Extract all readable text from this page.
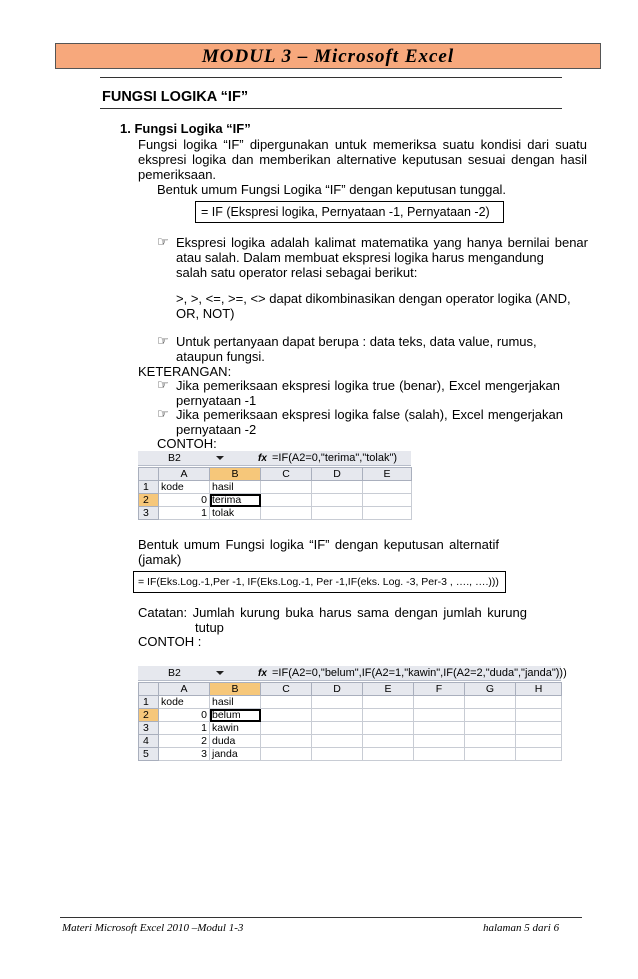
MODUL 3 – Microsoft Excel
FUNGSI LOGIKA “IF”
1. Fungsi Logika “IF”
Fungsi logika “IF” dipergunakan untuk memeriksa suatu kondisi dari suatu
ekspresi logika dan memberikan alternative keputusan sesuai dengan hasil
pemeriksaan.
Bentuk umum Fungsi Logika “IF” dengan keputusan tunggal.
= IF (Ekspresi logika, Pernyataan -1, Pernyataan -2)
☞ Ekspresi logika adalah kalimat matematika yang hanya bernilai benar
atau salah. Dalam membuat ekspresi logika harus mengandung
salah satu operator relasi sebagai berikut:
>, >, <=, >=, <> dapat dikombinasikan dengan operator logika (AND,
OR, NOT)
☞ Untuk pertanyaan dapat berupa : data teks, data value, rumus,
ataupun fungsi.
KETERANGAN:
☞ Jika pemeriksaan ekspresi logika true (benar), Excel mengerjakan
pernyataan -1
☞ Jika pemeriksaan ekspresi logika false (salah), Excel mengerjakan
pernyataan -2
CONTOH:
B2	fx =IF(A2=0,"terima","tolak")
	A	B	C	D	E
1	kode	hasil			
2	0	terima			
3	1	tolak			
Bentuk umum Fungsi logika “IF” dengan keputusan alternatif
(jamak)
= IF(Eks.Log.-1,Per -1, IF(Eks.Log.-1, Per -1,IF(eks. Log. -3, Per-3 , …., ….)))
Catatan: Jumlah kurung buka harus sama dengan jumlah kurung
tutup
CONTOH :
B2	fx =IF(A2=0,"belum",IF(A2=1,"kawin",IF(A2=2,"duda","janda")))
	A	B	C	D	E	F	G	H
1	kode	hasil						
2	0	belum						
3	1	kawin						
4	2	duda						
5	3	janda						
Materi Microsoft Excel 2010 –Modul 1-3	halaman 5 dari 6
